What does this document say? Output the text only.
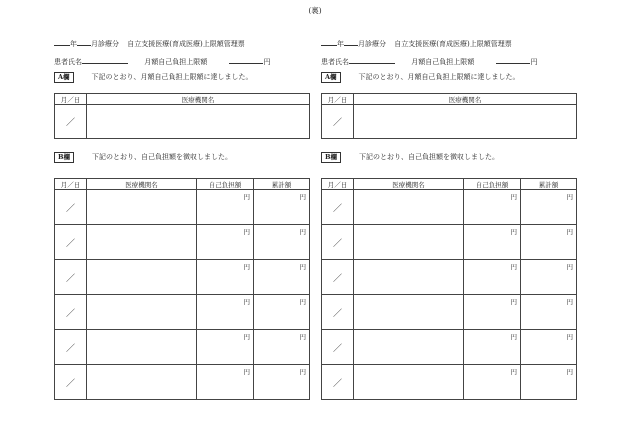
(裏)
年 月診療分 自立支援医療(育成医療)上限額管理票
患者氏名	月額自己負担上限額	円
A欄	下記のとおり、月額自己負担上限額に達しました。
月／日	医療機関名
／	
B欄	下記のとおり、自己負担額を徴収しました。
月／日	医療機関名	自己負担額	累計額
／		円	円
／		円	円
／		円	円
／		円	円
／		円	円
／		円	円
年 月診療分 自立支援医療(育成医療)上限額管理票
患者氏名	月額自己負担上限額	円
A欄	下記のとおり、月額自己負担上限額に達しました。
月／日	医療機関名
／	
B欄	下記のとおり、自己負担額を徴収しました。
月／日	医療機関名	自己負担額	累計額
／		円	円
／		円	円
／		円	円
／		円	円
／		円	円
／		円	円
